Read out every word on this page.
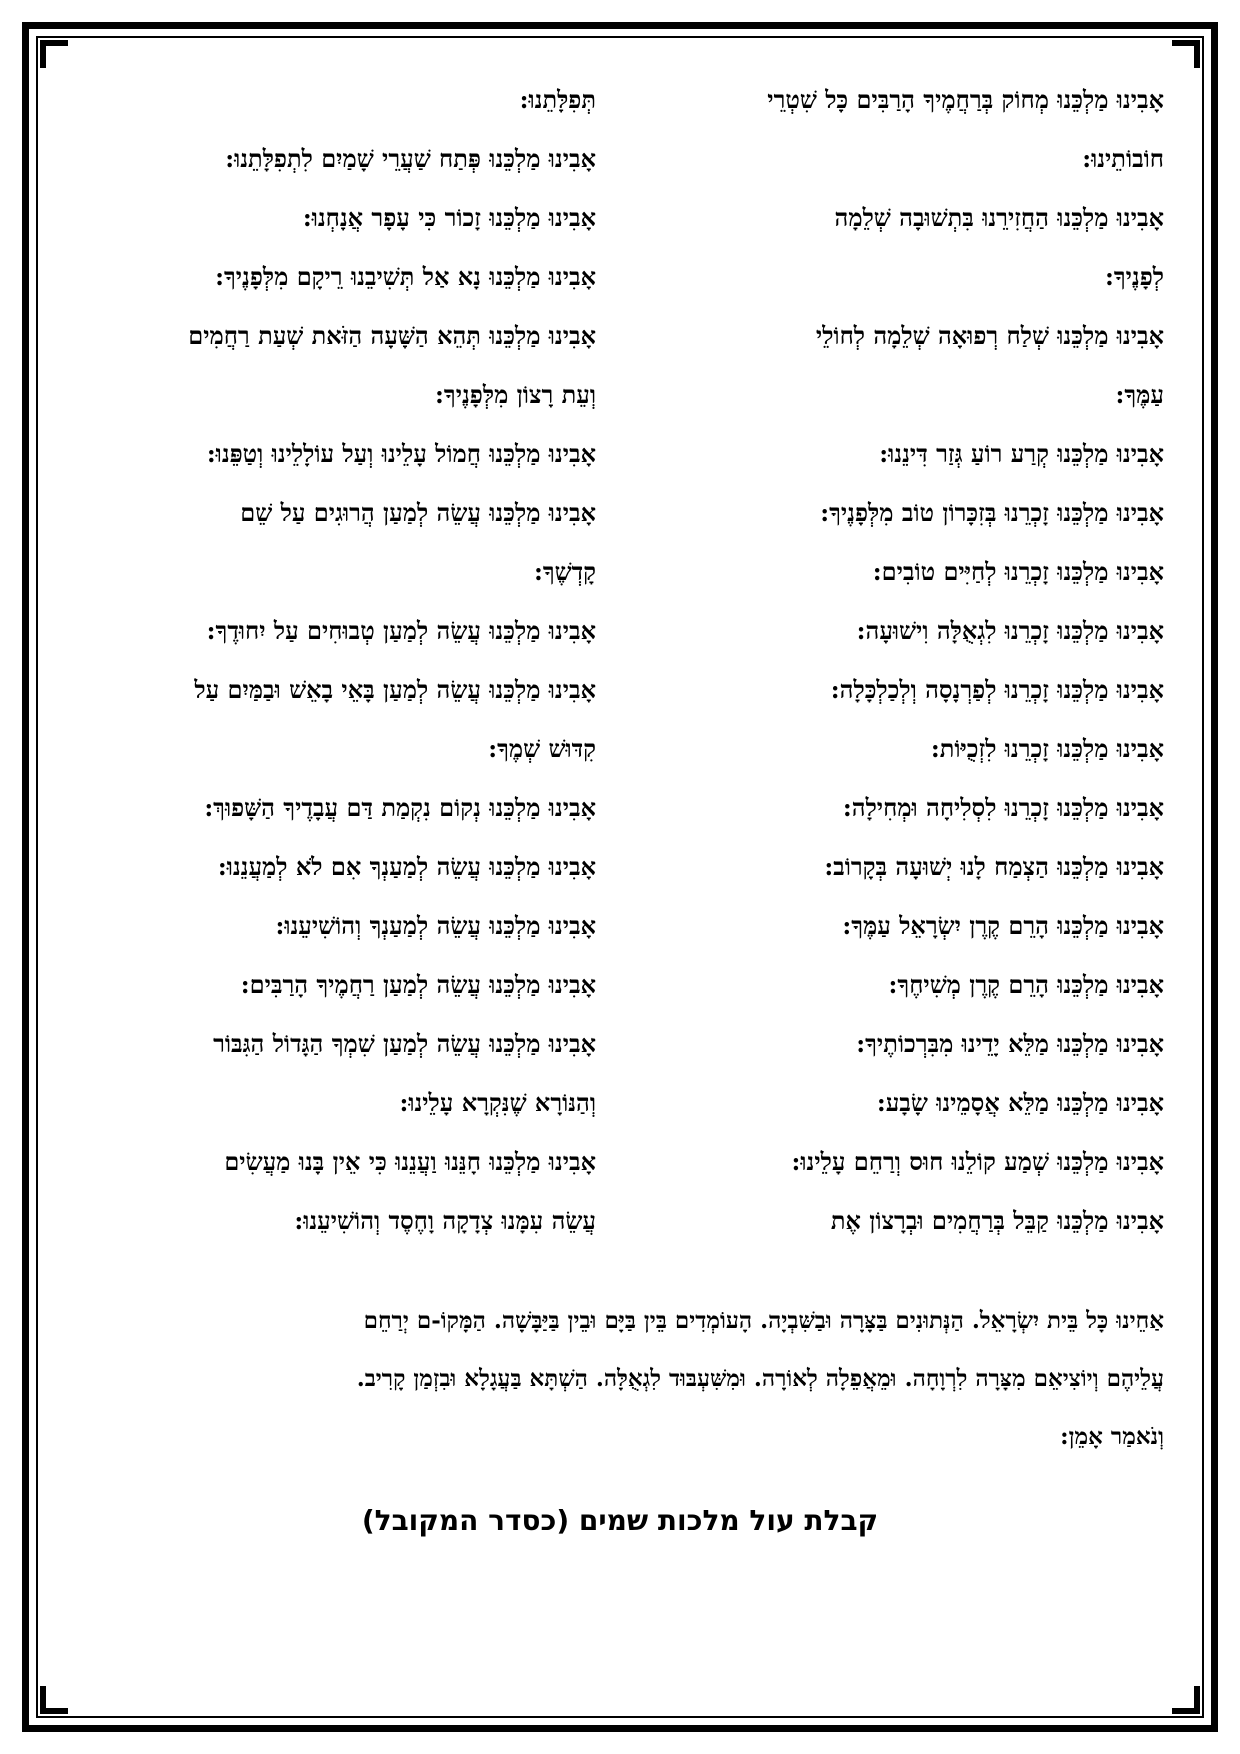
אָבִינוּ מַלְכֵּנוּ מְחוֹק בְּרַחֲמֶיךָ הָרַבִּים כָּל שִׁטְרֵי
חוֹבוֹתֵינוּ:
אָבִינוּ מַלְכֵּנוּ הַחֲזִירֵנוּ בִּתְשׁוּבָה שְׁלֵמָה
לְפָנֶיךָ:
אָבִינוּ מַלְכֵּנוּ שְׁלַח רְפוּאָה שְׁלֵמָה לְחוֹלֵי
עַמֶּךָ:
אָבִינוּ מַלְכֵּנוּ קְרַע רוֹעַ גְּזַר דִּינֵנוּ:
אָבִינוּ מַלְכֵּנוּ זָכְרֵנוּ בְּזִכָּרוֹן טוֹב מִלְּפָנֶיךָ:
אָבִינוּ מַלְכֵּנוּ זָכְרֵנוּ לְחַיִּים טוֹבִים:
אָבִינוּ מַלְכֵּנוּ זָכְרֵנוּ לִגְאֻלָּה וִישׁוּעָה:
אָבִינוּ מַלְכֵּנוּ זָכְרֵנוּ לְפַרְנָסָה וְלְכַלְכָּלָה:
אָבִינוּ מַלְכֵּנוּ זָכְרֵנוּ לִזְכֻיּוֹת:
אָבִינוּ מַלְכֵּנוּ זָכְרֵנוּ לִסְלִיחָה וּמְחִילָה:
אָבִינוּ מַלְכֵּנוּ הַצְמַח לָנוּ יְשׁוּעָה בְּקָרוֹב:
אָבִינוּ מַלְכֵּנוּ הָרֵם קֶרֶן יִשְׂרָאֵל עַמֶּךָ:
אָבִינוּ מַלְכֵּנוּ הָרֵם קֶרֶן מְשִׁיחֶךָ:
אָבִינוּ מַלְכֵּנוּ מַלֵּא יָדֵינוּ מִבִּרְכוֹתֶיךָ:
אָבִינוּ מַלְכֵּנוּ מַלֵּא אֲסָמֵינוּ שָׂבָע:
אָבִינוּ מַלְכֵּנוּ שְׁמַע קוֹלֵנוּ חוּס וְרַחֵם עָלֵינוּ:
אָבִינוּ מַלְכֵּנוּ קַבֵּל בְּרַחֲמִים וּבְרָצוֹן אֶת
תְּפִלָּתֵנוּ:
אָבִינוּ מַלְכֵּנוּ פְּתַח שַׁעֲרֵי שָׁמַיִם לִתְפִלָּתֵנוּ:
אָבִינוּ מַלְכֵּנוּ זָכוֹר כִּי עָפָר אֲנָחְנוּ:
אָבִינוּ מַלְכֵּנוּ נָא אַל תְּשִׁיבֵנוּ רֵיקָם מִלְּפָנֶיךָ:
אָבִינוּ מַלְכֵּנוּ תְּהֵא הַשָּׁעָה הַזֹּאת שְׁעַת רַחֲמִים
וְעֵת רָצוֹן מִלְּפָנֶיךָ:
אָבִינוּ מַלְכֵּנוּ חֲמוֹל עָלֵינוּ וְעַל עוֹלָלֵינוּ וְטַפֵּנוּ:
אָבִינוּ מַלְכֵּנוּ עֲשֵׂה לְמַעַן הֲרוּגִים עַל שֵׁם
קָדְשֶׁךָ:
אָבִינוּ מַלְכֵּנוּ עֲשֵׂה לְמַעַן טְבוּחִים עַל יִחוּדֶךָ:
אָבִינוּ מַלְכֵּנוּ עֲשֵׂה לְמַעַן בָּאֵי בָאֵשׁ וּבַמַּיִם עַל
קִדּוּשׁ שְׁמֶךָ:
אָבִינוּ מַלְכֵּנוּ נְקוֹם נִקְמַת דַּם עֲבָדֶיךָ הַשָּׁפוּךְ:
אָבִינוּ מַלְכֵּנוּ עֲשֵׂה לְמַעַנְךָ אִם לֹא לְמַעֲנֵנוּ:
אָבִינוּ מַלְכֵּנוּ עֲשֵׂה לְמַעַנְךָ וְהוֹשִׁיעֵנוּ:
אָבִינוּ מַלְכֵּנוּ עֲשֵׂה לְמַעַן רַחֲמֶיךָ הָרַבִּים:
אָבִינוּ מַלְכֵּנוּ עֲשֵׂה לְמַעַן שִׁמְךָ הַגָּדוֹל הַגִּבּוֹר
וְהַנּוֹרָא שֶׁנִּקְרָא עָלֵינוּ:
אָבִינוּ מַלְכֵּנוּ חָנֵּנוּ וַעֲנֵנוּ כִּי אֵין בָּנוּ מַעֲשִׂים
עֲשֵׂה עִמָּנוּ צְדָקָה וָחֶסֶד וְהוֹשִׁיעֵנוּ:
אַחֵינוּ כָּל בֵּית יִשְׂרָאֵל. הַנְּתוּנִים בַּצָּרָה וּבַשִּׁבְיָה. הָעוֹמְדִים בֵּין בַּיָּם וּבֵין בַּיַּבָּשָׁה. הַמָּקוֹ-ם יְרַחֵם
עֲלֵיהֶם וְיוֹצִיאֵם מִצָּרָה לִרְוָחָה. וּמֵאֲפֵלָה לְאוֹרָה. וּמִשִּׁעְבּוּד לִגְאֻלָּה. הַשְׁתָּא בַּעֲגָלָא וּבִזְמַן קָרִיב.
וְנֹאמַר אָמֵן:
קבלת עול מלכות שמים (כסדר המקובל)
